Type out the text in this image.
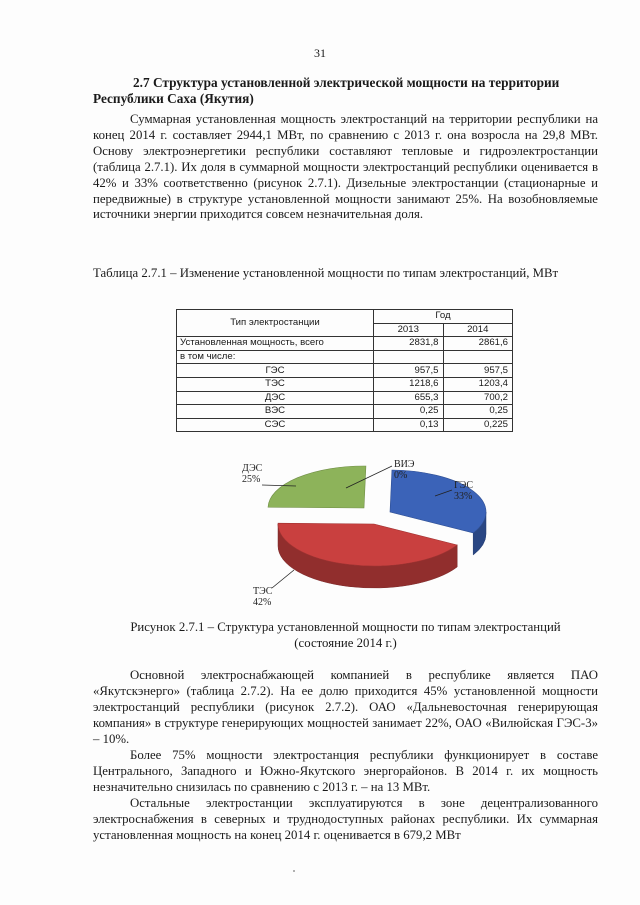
31
2.7 Структура установленной электрической мощности на территории
Республики Саха (Якутия)

Суммарная установленная мощность электростанций на территории республики на конец 2014 г. составляет 2944,1 МВт, по сравнению с 2013 г. она возросла на 29,8 МВт. Основу электроэнергетики республики составляют тепловые и гидроэлектростанции (таблица 2.7.1). Их доля в суммарной мощности электростанций республики оценивается в 42% и 33% соответственно (рисунок 2.7.1). Дизельные электростанции (стационарные и передвижные) в структуре установленной мощности занимают 25%. На возобновляемые источники энергии приходится совсем незначительная доля.

Таблица 2.7.1 – Изменение установленной мощности по типам электростанций, МВт

Тип электростанции	Год	
	2013	2014
Установленная мощность, всего	2831,8	2861,6
в том числе:		
ГЭС	957,5	957,5
ТЭС	1218,6	1203,4
ДЭС	655,3	700,2
ВЭС	0,25	0,25
СЭС	0,13	0,225
ГЭС
33%
ТЭС
42%
ДЭС
25%
ВИЭ
0%
Рисунок 2.7.1 – Структура установленной мощности по типам электростанций
(состояние 2014 г.)

Основной электроснабжающей компанией в республике является ПАО «Якутскэнерго» (таблица 2.7.2). На ее долю приходится 45% установленной мощности электростанций республики (рисунок 2.7.2). ОАО «Дальневосточная генерирующая компания» в структуре генерирующих мощностей занимает 22%, ОАО «Вилюйская ГЭС-3» – 10%.

Более 75% мощности электростанция республики функционирует в составе Центрального, Западного и Южно-Якутского энергорайонов. В 2014 г. их мощность незначительно снизилась по сравнению с 2013 г. – на 13 МВт.

Остальные электростанции эксплуатируются в зоне децентрализованного электроснабжения в северных и труднодоступных районах республики. Их суммарная установленная мощность на конец 2014 г. оценивается в 679,2 МВт
